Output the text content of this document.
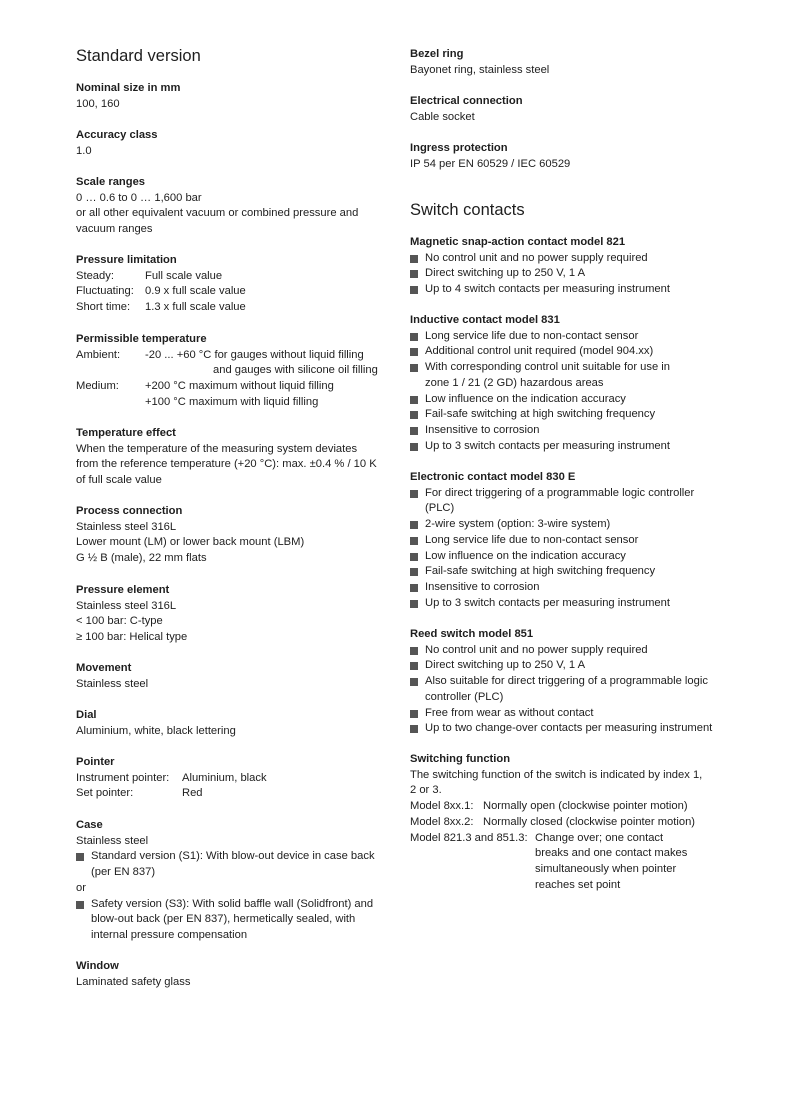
Standard version
Nominal size in mm
100, 160
Accuracy class
1.0
Scale ranges
0 … 0.6 to 0 … 1,600 bar
or all other equivalent vacuum or combined pressure and
vacuum ranges
Pressure limitation
Steady:	Full scale value
Fluctuating: 0.9 x full scale value
Short time:	1.3 x full scale value
Permissible temperature
Ambient:	-20 ... +60 °C for gauges without liquid filling
and gauges with silicone oil filling
Medium:	+200 °C maximum without liquid filling
+100 °C maximum with liquid filling
Temperature effect
When the temperature of the measuring system deviates
from the reference temperature (+20 °C): max. ±0.4 % / 10 K
of full scale value
Process connection
Stainless steel 316L
Lower mount (LM) or lower back mount (LBM)
G ½ B (male), 22 mm flats
Pressure element
Stainless steel 316L
< 100 bar: C-type
≥ 100 bar: Helical type
Movement
Stainless steel
Dial
Aluminium, white, black lettering
Pointer
Instrument pointer:	Aluminium, black
Set pointer:	Red
Case
Stainless steel
Standard version (S1): With blow-out device in case back
(per EN 837)
or
Safety version (S3): With solid baffle wall (Solidfront) and
blow-out back (per EN 837), hermetically sealed, with
internal pressure compensation
Window
Laminated safety glass
Bezel ring
Bayonet ring, stainless steel
Electrical connection
Cable socket
Ingress protection
IP 54 per EN 60529 / IEC 60529
Switch contacts
Magnetic snap-action contact model 821
No control unit and no power supply required
Direct switching up to 250 V, 1 A
Up to 4 switch contacts per measuring instrument
Inductive contact model 831
Long service life due to non-contact sensor
Additional control unit required (model 904.xx)
With corresponding control unit suitable for use in
zone 1 / 21 (2 GD) hazardous areas
Low influence on the indication accuracy
Fail-safe switching at high switching frequency
Insensitive to corrosion
Up to 3 switch contacts per measuring instrument
Electronic contact model 830 E
For direct triggering of a programmable logic controller
(PLC)
2-wire system (option: 3-wire system)
Long service life due to non-contact sensor
Low influence on the indication accuracy
Fail-safe switching at high switching frequency
Insensitive to corrosion
Up to 3 switch contacts per measuring instrument
Reed switch model 851
No control unit and no power supply required
Direct switching up to 250 V, 1 A
Also suitable for direct triggering of a programmable logic
controller (PLC)
Free from wear as without contact
Up to two change-over contacts per measuring instrument
Switching function
The switching function of the switch is indicated by index 1,
2 or 3.
Model 8xx.1: Normally open (clockwise pointer motion)
Model 8xx.2: Normally closed (clockwise pointer motion)
Model 821.3 and 851.3: Change over; one contact
breaks and one contact makes
simultaneously when pointer
reaches set point
